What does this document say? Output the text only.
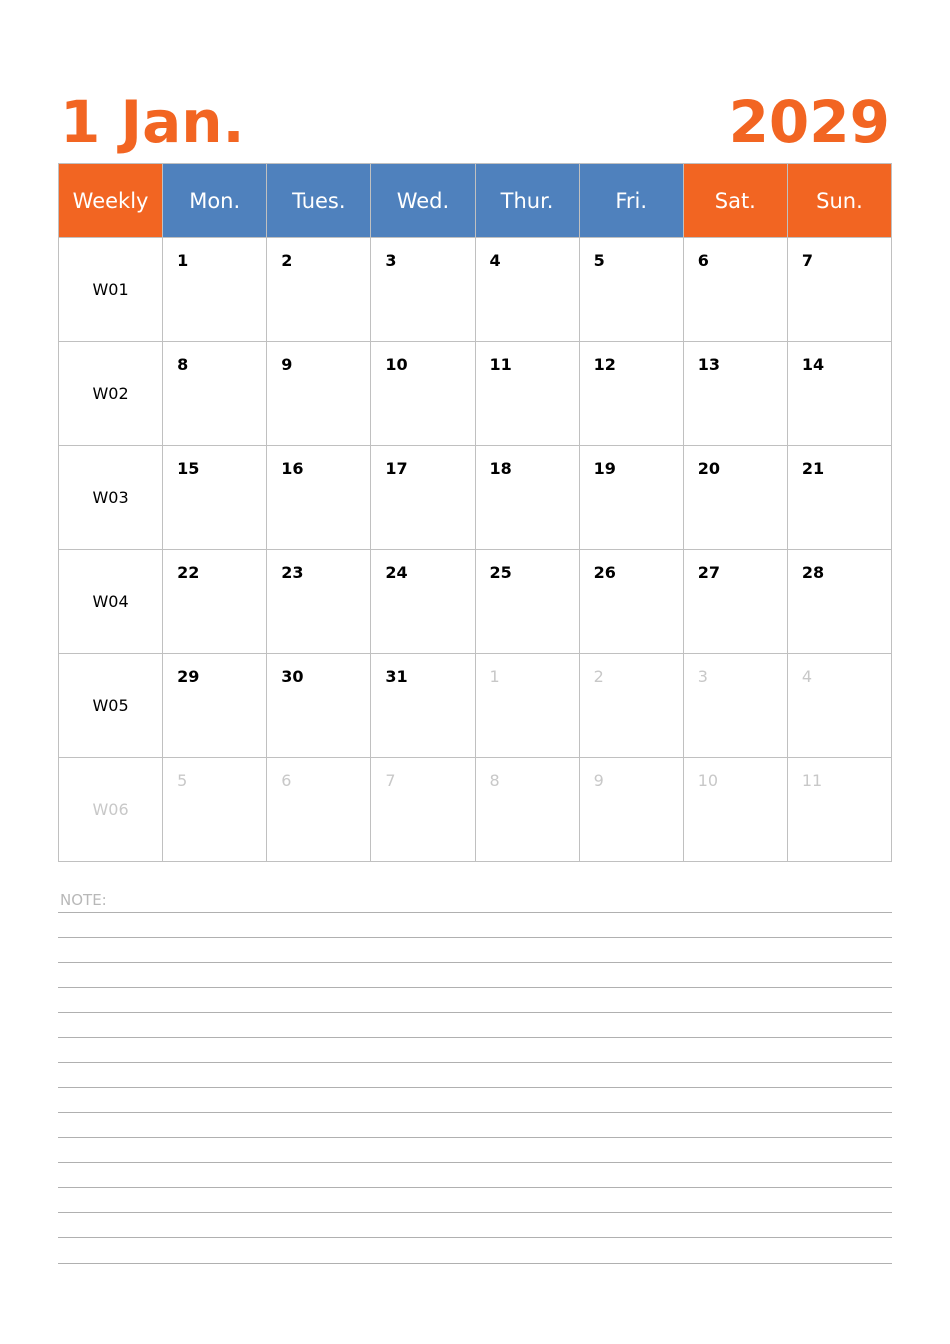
1 Jan.	2029
Weekly	Mon.	Tues.	Wed.	Thur.	Fri.	Sat.	Sun.
W01	1	2	3	4	5	6	7

W02	8	9	10	11	12	13	14

W03	15	16	17	18	19	20	21

W04	22	23	24	25	26	27	28

W05	29	30	31	1	2	3	4

W06	5	6	7	8	9	10	11
NOTE:
